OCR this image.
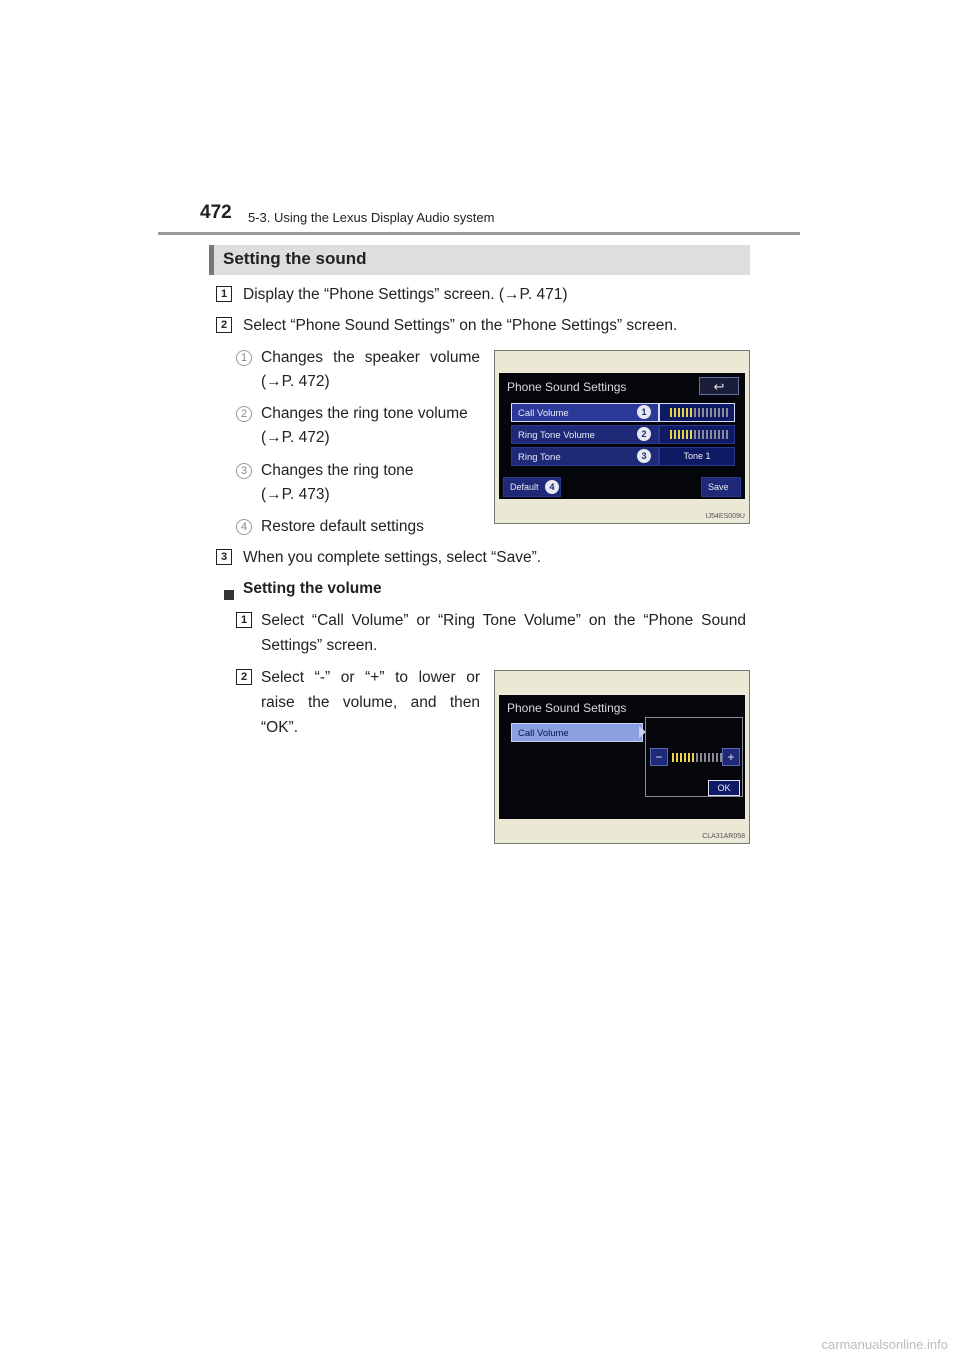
472 5-3. Using the Lexus Display Audio system
Setting the sound
1	Display the “Phone Settings” screen. (→P. 471)
2	Select “Phone Sound Settings” on the “Phone Settings” screen.
1 Changes the speaker volume
(→P. 472)
2 Changes the ring tone volume
(→P. 472)
3 Changes the ring tone
(→P. 473)
4 Restore default settings
Phone Sound Settings	↩
Call Volume	1
Ring Tone Volume	2
Ring Tone	3	Tone 1
Default	4	Save
IJ54ES009U
3	When you complete settings, select “Save”.
Setting the volume
1 Select “Call Volume” or “Ring Tone Volume” on the “Phone Sound
Settings” screen.
2 Select “-” or “+” to lower or
raise the volume, and then
“OK”.
Phone Sound Settings
Call Volume
−	+
OK
CLA31AR058
carmanualsonline.info
